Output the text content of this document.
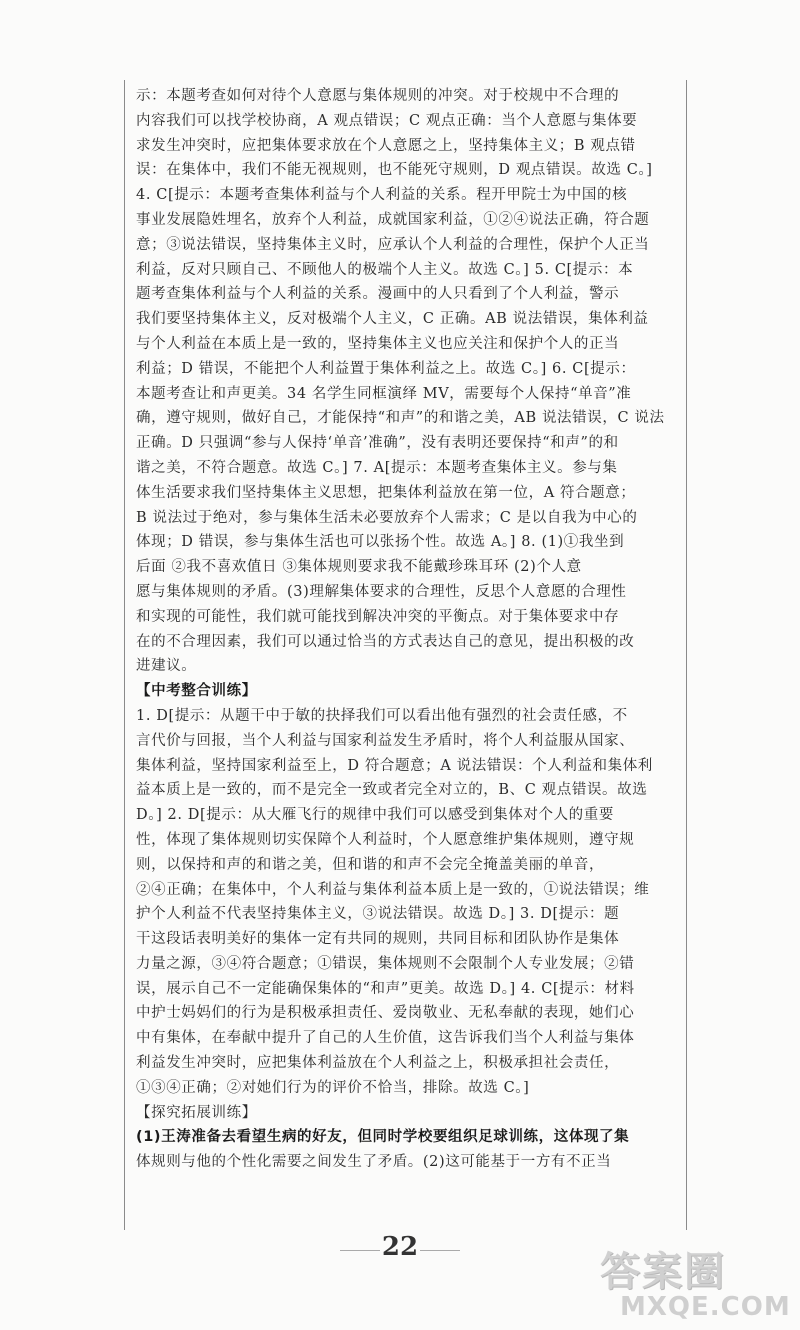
示：本题考查如何对待个人意愿与集体规则的冲突。对于校规中不合理的

内容我们可以找学校协商，A 观点错误；C 观点正确：当个人意愿与集体要

求发生冲突时，应把集体要求放在个人意愿之上，坚持集体主义；B 观点错

误：在集体中，我们不能无视规则，也不能死守规则，D 观点错误。故选 C。]

4. C[提示：本题考查集体利益与个人利益的关系。程开甲院士为中国的核

事业发展隐姓埋名，放弃个人利益，成就国家利益，①②④说法正确，符合题

意；③说法错误，坚持集体主义时，应承认个人利益的合理性，保护个人正当

利益，反对只顾自己、不顾他人的极端个人主义。故选 C。] 5. C[提示：本

题考查集体利益与个人利益的关系。漫画中的人只看到了个人利益，警示

我们要坚持集体主义，反对极端个人主义，C 正确。AB 说法错误，集体利益

与个人利益在本质上是一致的，坚持集体主义也应关注和保护个人的正当

利益；D 错误，不能把个人利益置于集体利益之上。故选 C。] 6. C[提示：

本题考查让和声更美。34 名学生同框演绎 MV，需要每个人保持“单音”准

确，遵守规则，做好自己，才能保持“和声”的和谐之美，AB 说法错误，C 说法

正确。D 只强调“参与人保持‘单音’准确”，没有表明还要保持“和声”的和

谐之美，不符合题意。故选 C。] 7. A[提示：本题考查集体主义。参与集

体生活要求我们坚持集体主义思想，把集体利益放在第一位，A 符合题意；

B 说法过于绝对，参与集体生活未必要放弃个人需求；C 是以自我为中心的

体现；D 错误，参与集体生活也可以张扬个性。故选 A。] 8. (1)①我坐到

后面 ②我不喜欢值日 ③集体规则要求我不能戴珍珠耳环 (2)个人意

愿与集体规则的矛盾。(3)理解集体要求的合理性，反思个人意愿的合理性

和实现的可能性，我们就可能找到解决冲突的平衡点。对于集体要求中存

在的不合理因素，我们可以通过恰当的方式表达自己的意见，提出积极的改

进建议。

【中考整合训练】

1. D[提示：从题干中于敏的抉择我们可以看出他有强烈的社会责任感，不

言代价与回报，当个人利益与国家利益发生矛盾时，将个人利益服从国家、

集体利益，坚持国家利益至上，D 符合题意；A 说法错误：个人利益和集体利

益本质上是一致的，而不是完全一致或者完全对立的，B、C 观点错误。故选

D。] 2. D[提示：从大雁飞行的规律中我们可以感受到集体对个人的重要

性，体现了集体规则切实保障个人利益时，个人愿意维护集体规则，遵守规

则，以保持和声的和谐之美，但和谐的和声不会完全掩盖美丽的单音，

②④正确；在集体中，个人利益与集体利益本质上是一致的，①说法错误；维

护个人利益不代表坚持集体主义，③说法错误。故选 D。] 3. D[提示：题

干这段话表明美好的集体一定有共同的规则，共同目标和团队协作是集体

力量之源，③④符合题意；①错误，集体规则不会限制个人专业发展；②错

误，展示自己不一定能确保集体的“和声”更美。故选 D。] 4. C[提示：材料

中护士妈妈们的行为是积极承担责任、爱岗敬业、无私奉献的表现，她们心

中有集体，在奉献中提升了自己的人生价值，这告诉我们当个人利益与集体

利益发生冲突时，应把集体利益放在个人利益之上，积极承担社会责任，

①③④正确；②对她们行为的评价不恰当，排除。故选 C。]

【探究拓展训练】

(1)王涛准备去看望生病的好友，但同时学校要组织足球训练，这体现了集

体规则与他的个性化需要之间发生了矛盾。(2)这可能基于一方有不正当

22
答案圈
MXQE.COM
